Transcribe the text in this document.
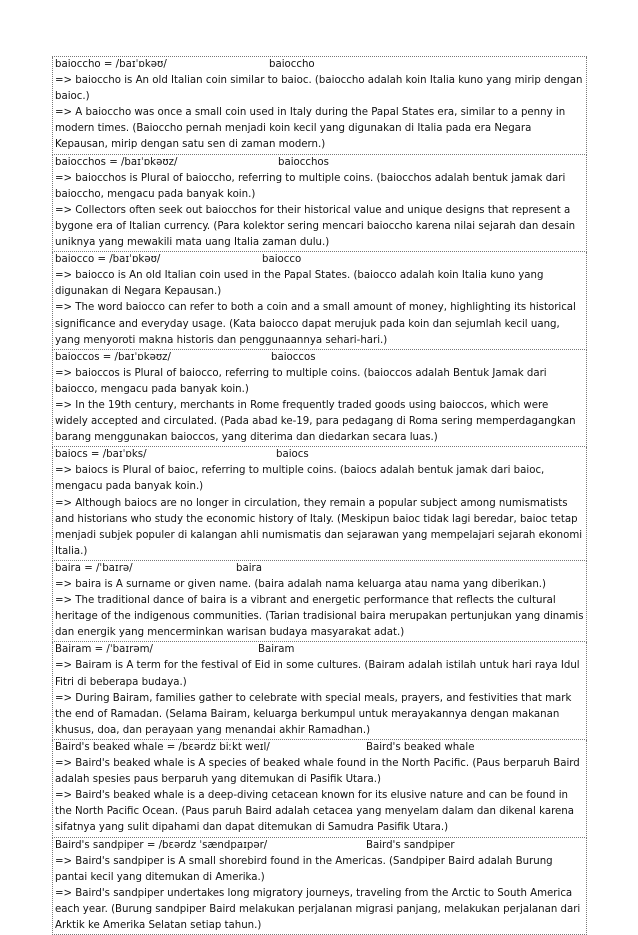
baioccho = /baɪˈɒkəʊ/	baioccho

=> baioccho is An old Italian coin similar to baioc. (baioccho adalah koin Italia kuno yang mirip dengan baioc.)

=> A baioccho was once a small coin used in Italy during the Papal States era, similar to a penny in modern times. (Baioccho pernah menjadi koin kecil yang digunakan di Italia pada era Negara Kepausan, mirip dengan satu sen di zaman modern.)

baiocchos = /baɪˈɒkəʊz/	baiocchos

=> baiocchos is Plural of baioccho, referring to multiple coins. (baiocchos adalah bentuk jamak dari baioccho, mengacu pada banyak koin.)

=> Collectors often seek out baiocchos for their historical value and unique designs that represent a bygone era of Italian currency. (Para kolektor sering mencari baioccho karena nilai sejarah dan desain uniknya yang mewakili mata uang Italia zaman dulu.)

baiocco = /baɪˈɒkəʊ/	baiocco

=> baiocco is An old Italian coin used in the Papal States. (baiocco adalah koin Italia kuno yang digunakan di Negara Kepausan.)

=> The word baiocco can refer to both a coin and a small amount of money, highlighting its historical significance and everyday usage. (Kata baiocco dapat merujuk pada koin dan sejumlah kecil uang, yang menyoroti makna historis dan penggunaannya sehari-hari.)

baioccos = /baɪˈɒkəʊz/	baioccos

=> baioccos is Plural of baiocco, referring to multiple coins. (baioccos adalah Bentuk Jamak dari baiocco, mengacu pada banyak koin.)

=> In the 19th century, merchants in Rome frequently traded goods using baioccos, which were widely accepted and circulated. (Pada abad ke-19, para pedagang di Roma sering memperdagangkan barang menggunakan baioccos, yang diterima dan diedarkan secara luas.)

baiocs = /baɪˈɒks/	baiocs

=> baiocs is Plural of baioc, referring to multiple coins. (baiocs adalah bentuk jamak dari baioc, mengacu pada banyak koin.)

=> Although baiocs are no longer in circulation, they remain a popular subject among numismatists and historians who study the economic history of Italy. (Meskipun baioc tidak lagi beredar, baioc tetap menjadi subjek populer di kalangan ahli numismatis dan sejarawan yang mempelajari sejarah ekonomi Italia.)

baira = /ˈbaɪrə/	baira

=> baira is A surname or given name. (baira adalah nama keluarga atau nama yang diberikan.)

=> The traditional dance of baira is a vibrant and energetic performance that reflects the cultural heritage of the indigenous communities. (Tarian tradisional baira merupakan pertunjukan yang dinamis dan energik yang mencerminkan warisan budaya masyarakat adat.)

Bairam = /ˈbaɪrəm/	Bairam

=> Bairam is A term for the festival of Eid in some cultures. (Bairam adalah istilah untuk hari raya Idul Fitri di beberapa budaya.)

=> During Bairam, families gather to celebrate with special meals, prayers, and festivities that mark the end of Ramadan. (Selama Bairam, keluarga berkumpul untuk merayakannya dengan makanan khusus, doa, dan perayaan yang menandai akhir Ramadhan.)

Baird's beaked whale = /bɛərdz biːkt weɪl/	Baird's beaked whale

=> Baird's beaked whale is A species of beaked whale found in the North Pacific. (Paus berparuh Baird adalah spesies paus berparuh yang ditemukan di Pasifik Utara.)

=> Baird's beaked whale is a deep-diving cetacean known for its elusive nature and can be found in the North Pacific Ocean. (Paus paruh Baird adalah cetacea yang menyelam dalam dan dikenal karena sifatnya yang sulit dipahami dan dapat ditemukan di Samudra Pasifik Utara.)

Baird's sandpiper = /bɛərdz ˈsændpaɪpər/	Baird's sandpiper

=> Baird's sandpiper is A small shorebird found in the Americas. (Sandpiper Baird adalah Burung pantai kecil yang ditemukan di Amerika.)

=> Baird's sandpiper undertakes long migratory journeys, traveling from the Arctic to South America each year. (Burung sandpiper Baird melakukan perjalanan migrasi panjang, melakukan perjalanan dari Arktik ke Amerika Selatan setiap tahun.)
